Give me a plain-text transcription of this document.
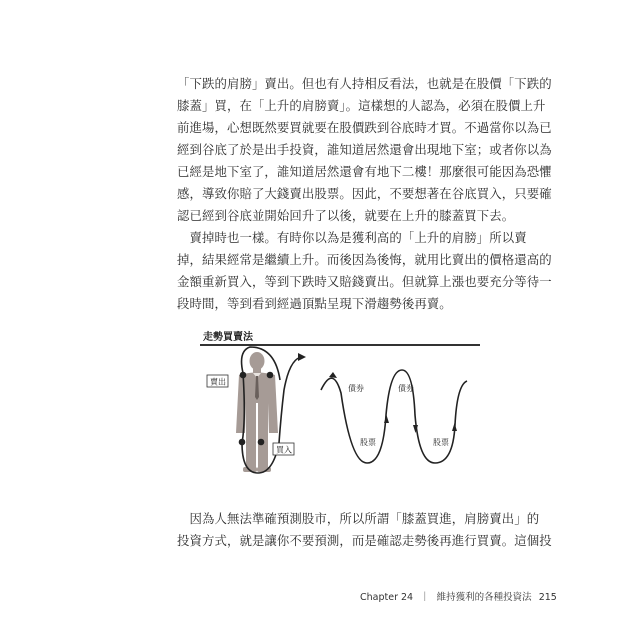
「下跌的肩膀」賣出。但也有人持相反看法，也就是在股價「下跌的
膝蓋」買，在「上升的肩膀賣」。這樣想的人認為，必須在股價上升
前進場，心想既然要買就要在股價跌到谷底時才買。不過當你以為已
經到谷底了於是出手投資，誰知道居然還會出現地下室；或者你以為
已經是地下室了，誰知道居然還會有地下二樓！那麼很可能因為恐懼
感，導致你賠了大錢賣出股票。因此，不要想著在谷底買入，只要確
認已經到谷底並開始回升了以後，就要在上升的膝蓋買下去。
　賣掉時也一樣。有時你以為是獲利高的「上升的肩膀」所以賣
掉，結果經常是繼續上升。而後因為後悔，就用比賣出的價格還高的
金額重新買入，等到下跌時又賠錢賣出。但就算上漲也要充分等待一
段時間，等到看到經過頂點呈現下滑趨勢後再賣。
走勢買賣法
賣出
買入
債券	債券
股票	股票
　因為人無法準確預測股市，所以所謂「膝蓋買進，肩膀賣出」的
投資方式，就是讓你不要預測，而是確認走勢後再進行買賣。這個投
Chapter 24 ｜ 維持獲利的各種投資法 215
